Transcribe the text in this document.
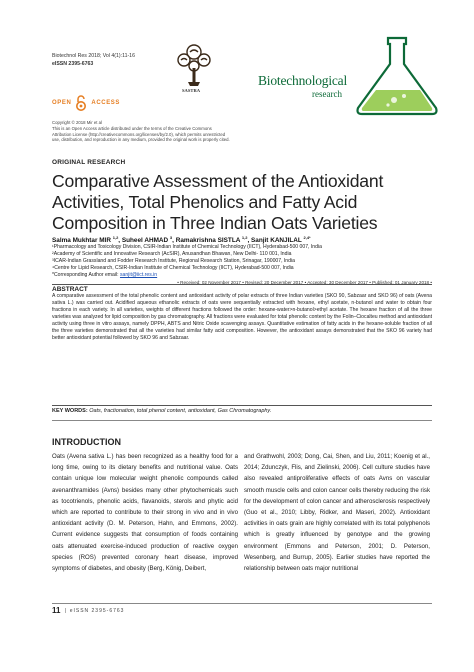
Biotechnol Res 2018; Vol 4(1):11-16
eISSN 2395-6763
SASTRA
Biotechnological
research
OPEN	ACCESS
Copyright © 2018 Mir et al
This is an Open Access article distributed under the terms of the Creative Commons Attribution License (http://creativecommons.org/licenses/by/2.0), which permits unrestricted use, distribution, and reproduction in any medium, provided the original work is properly cited.
ORIGINAL RESEARCH
Comparative Assessment of the Antioxidant Activities, Total Phenolics and Fatty Acid Composition in Three Indian Oats Varieties
Salma Mukhtar MIR $^{1,2}$, Suheel AHMAD $^3$, Ramakrishna SISTLA $^{1,2}$, Sanjit KANJILAL $^{2,4*}$
¹Pharmacology and Toxicology Division, CSIR-Indian Institute of Chemical Technology (IICT), Hyderabad-500 007, India
²Academy of Scientific and Innovative Research (AcSIR), Anusandhan Bhawan, New Delhi- 110 001, India
³ICAR-Indian Grassland and Fodder Research Institute, Regional Research Station, Srinagar, 190007, India
⁴Centre for Lipid Research, CSIR-Indian Institute of Chemical Technology (IICT), Hyderabad-500 007, India
*Corresponding Author email: sanjit@iict.res.in
• Received: 02 November 2017 • Revised: 20 December 2017 • Accepted: 30 December 2017 • Published: 01 January 2018 •
ABSTRACT
A comparative assessment of the total phenolic content and antioxidant activity of polar extracts of three Indian varieties (SKO 90, Sabzaar and SKO 96) of oats (Avena sativa L.) was carried out. Acidified aqueous ethanolic extracts of oats were sequentially extracted with hexane, ethyl acetate, n-butanol and water to obtain four fractions in each variety. In all varieties, weights of different fractions followed the order: hexane-water>n-butanol>ethyl acetate. The hexane fraction of all the three varieties was analyzed for lipid composition by gas chromatography. All fractions were evaluated for total phenolic content by the Folin–Ciocalteu method and antioxidant activity using three in vitro assays, namely DPPH, ABTS and Nitric Oxide scavenging assays. Quantitative estimation of fatty acids in the hexane-soluble fraction of all the three varieties demonstrated that all the varieties had similar fatty acid composition. However, the antioxidant assays demonstrated that the SKO 96 variety had better antioxidant potential followed by SKO 96 and Sabzaar.
KEY WORDS: Oats, fractionation, total phenol content, antioxidant, Gas Chromatography.
INTRODUCTION
Oats (Avena sativa L.) has been recognized as a healthy food for a long time, owing to its dietary benefits and nutritional value. Oats contain unique low molecular weight phenolic compounds called avenanthramides (Avns) besides many other phytochemicals such as tocotrienols, phenolic acids, flavanoids, sterols and phytic acid which are reported to contribute to their strong in vivo and in vivo antioxidant activity (D. M. Peterson, Hahn, and Emmons, 2002). Current evidence suggests that consumption of foods containing oats attenuated exercise-induced production of reactive oxygen species (ROS) prevented coronary heart disease, improved symptoms of diabetes, and obesity (Berg, König, Deibert,
and Grathwohl, 2003; Dong, Cai, Shen, and Liu, 2011; Koenig et al., 2014; Zdunczyk, Flis, and Zielinski, 2006). Cell culture studies have also revealed antiproliferative effects of oats Avns on vascular smooth muscle cells and colon cancer cells thereby reducing the risk for the development of colon cancer and atherosclerosis respectively (Guo et al., 2010; Libby, Ridker, and Maseri, 2002). Antioxidant activities in oats grain are highly correlated with its total polyphenols which is greatly influenced by genotype and the growing environment (Emmons and Peterson, 2001; D. Peterson, Wesenberg, and Burrup, 2005). Earlier studies have reported the relationship between oats major nutritional
11 | eISSN 2395-6763
